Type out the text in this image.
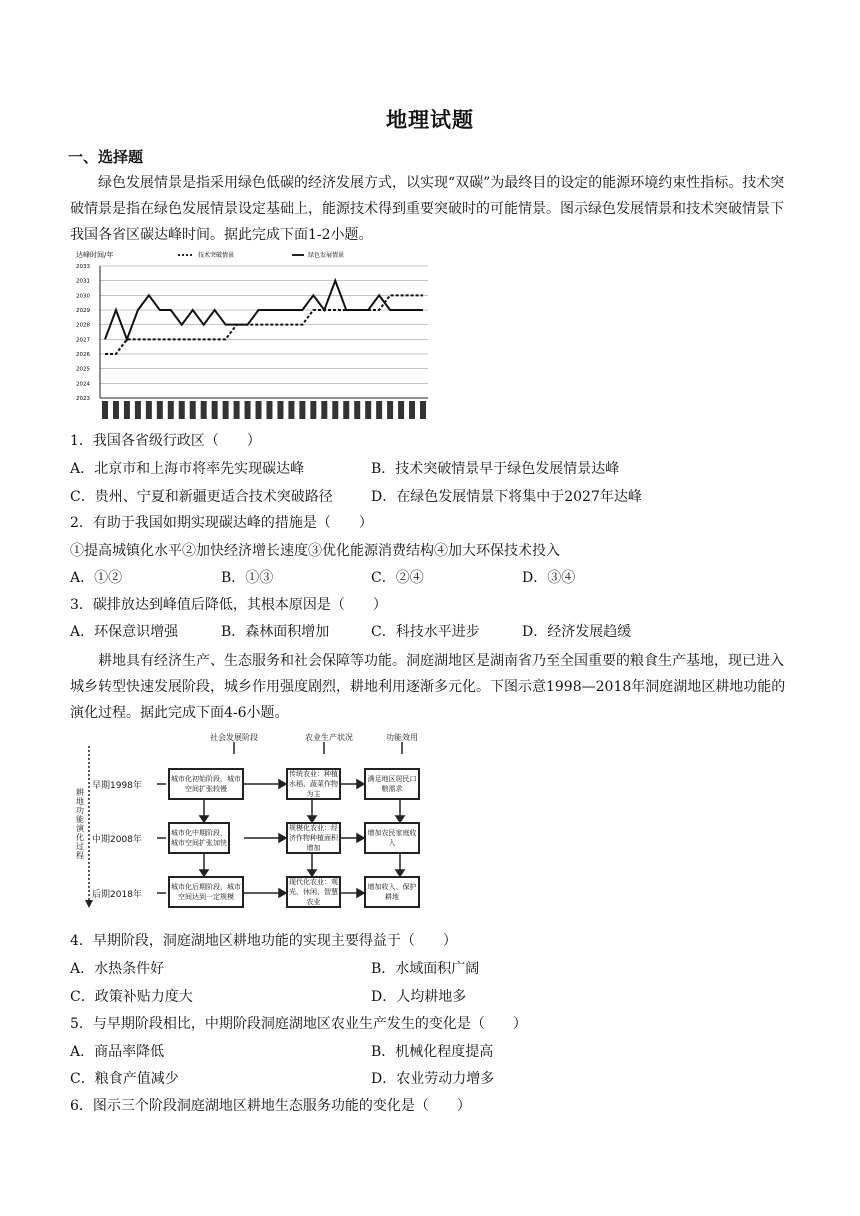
地理试题
一、选择题
绿色发展情景是指采用绿色低碳的经济发展方式，以实现“双碳”为最终目的设定的能源环境约束性指标。技术突破情景是指在绿色发展情景设定基础上，能源技术得到重要突破时的可能情景。图示绿色发展情景和技术突破情景下我国各省区碳达峰时间。据此完成下面1-2小题。
达峰时间/年	技术突破情景	绿色发展情景
2033
2031
2030
2029
2028
2027
2026
2025
2024
2023
1．我国各省级行政区（　　）
A．北京市和上海市将率先实现碳达峰	B．技术突破情景早于绿色发展情景达峰
C．贵州、宁夏和新疆更适合技术突破路径	D．在绿色发展情景下将集中于2027年达峰
2．有助于我国如期实现碳达峰的措施是（　　）
①提高城镇化水平②加快经济增长速度③优化能源消费结构④加大环保技术投入
A．①②	B．①③	C．②④	D．③④
3．碳排放达到峰值后降低，其根本原因是（　　）
A．环保意识增强	B．森林面积增加	C．科技水平进步	D．经济发展趋缓
耕地具有经济生产、生态服务和社会保障等功能。洞庭湖地区是湖南省乃至全国重要的粮食生产基地，现已进入城乡转型快速发展阶段，城乡作用强度剧烈，耕地利用逐渐多元化。下图示意1998—2018年洞庭湖地区耕地功能的演化过程。据此完成下面4-6小题。
社会发展阶段	农业生产状况	功能效用
耕地功能演化过程
早期1998年
中期2008年
后期2018年
城市化初始阶段，城市空间扩张较慢
城市化中期阶段，城市空间扩张加快
城市化后期阶段，城市空间达到一定规模
传统农业：种植水稻、蔬菜作物为主
规模化农业：经济作物种植面积增加
现代化农业：观光、休闲、智慧农业
满足地区居民口粮需求
增加农民家庭收入
增加收入、保护耕地
4．早期阶段，洞庭湖地区耕地功能的实现主要得益于（　　）
A．水热条件好	B．水域面积广阔
C．政策补贴力度大	D．人均耕地多
5．与早期阶段相比，中期阶段洞庭湖地区农业生产发生的变化是（　　）
A．商品率降低	B．机械化程度提高
C．粮食产值减少	D．农业劳动力增多
6．图示三个阶段洞庭湖地区耕地生态服务功能的变化是（　　）
